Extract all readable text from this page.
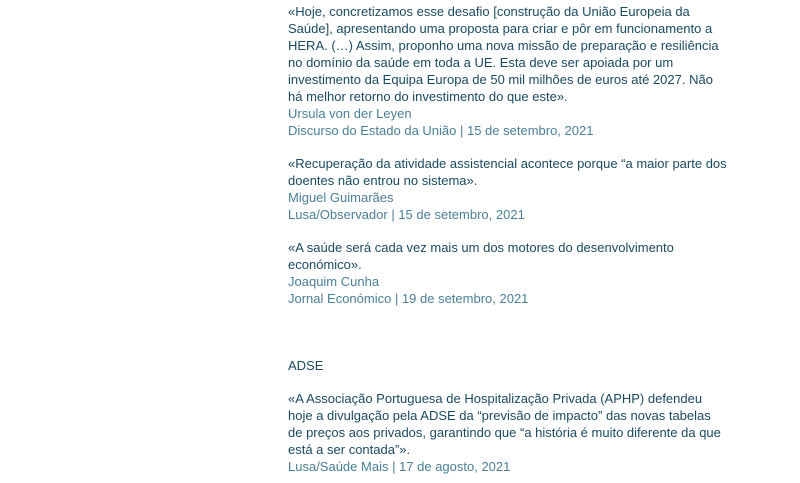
«Hoje, concretizamos esse desafio [construção da União Europeia da Saúde], apresentando uma proposta para criar e pôr em funcionamento a HERA. (…) Assim, proponho uma nova missão de preparação e resiliência no domínio da saúde em toda a UE. Esta deve ser apoiada por um investimento da Equipa Europa de 50 mil milhões de euros até 2027. Não há melhor retorno do investimento do que este».

Ursula von der Leyen

Discurso do Estado da União | 15 de setembro, 2021

«Recuperação da atividade assistencial acontece porque “a maior parte dos doentes não entrou no sistema».

Miguel Guimarães

Lusa/Observador | 15 de setembro, 2021

«A saúde será cada vez mais um dos motores do desenvolvimento económico».

Joaquim Cunha

Jornal Económico | 19 de setembro, 2021

ADSE

«A Associação Portuguesa de Hospitalização Privada (APHP) defendeu hoje a divulgação pela ADSE da “previsão de impacto” das novas tabelas de preços aos privados, garantindo que “a história é muito diferente da que está a ser contada”».

Lusa/Saúde Mais | 17 de agosto, 2021
